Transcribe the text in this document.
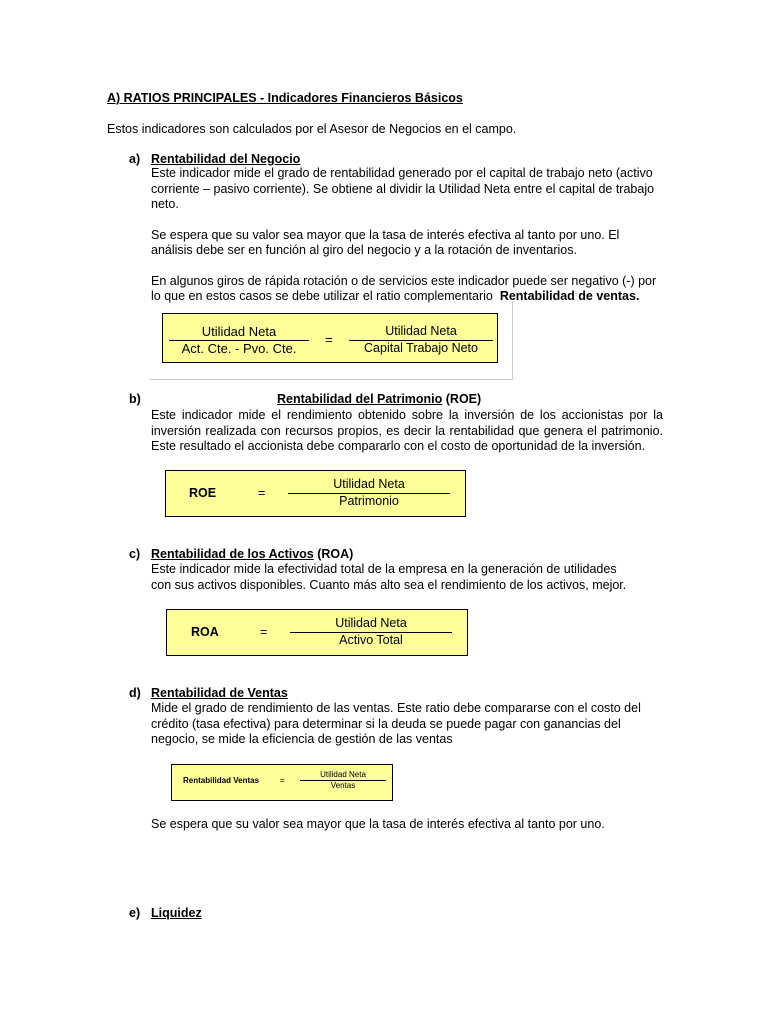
A) RATIOS PRINCIPALES - Indicadores Financieros Básicos
Estos indicadores son calculados por el Asesor de Negocios en el campo.
a) Rentabilidad del Negocio

Este indicador mide el grado de rentabilidad generado por el capital de trabajo neto (activo corriente – pasivo corriente). Se obtiene al dividir la Utilidad Neta entre el capital de trabajo neto.

Se espera que su valor sea mayor que la tasa de interés efectiva al tanto por uno. El análisis debe ser en función al giro del negocio y a la rotación de inventarios.

En algunos giros de rápida rotación o de servicios este indicador puede ser negativo (-) por lo que en estos casos se debe utilizar el ratio complementario Rentabilidad de ventas.

Utilidad Neta
Act. Cte. - Pvo. Cte.
=
Utilidad Neta
Capital Trabajo Neto
b)	Rentabilidad del Patrimonio (ROE)

Este indicador mide el rendimiento obtenido sobre la inversión de los accionistas por la inversión realizada con recursos propios, es decir la rentabilidad que genera el patrimonio. Este resultado el accionista debe compararlo con el costo de oportunidad de la inversión.

ROE	=
Utilidad Neta
Patrimonio
c) Rentabilidad de los Activos (ROA)

Este indicador mide la efectividad total de la empresa en la generación de utilidades con sus activos disponibles. Cuanto más alto sea el rendimiento de los activos, mejor.

ROA	=
Utilidad Neta
Activo Total
d) Rentabilidad de Ventas

Mide el grado de rendimiento de las ventas. Este ratio debe compararse con el costo del crédito (tasa efectiva) para determinar si la deuda se puede pagar con ganancias del negocio, se mide la eficiencia de gestión de las ventas

Rentabilidad Ventas	=
Utilidad Neta
Ventas
Se espera que su valor sea mayor que la tasa de interés efectiva al tanto por uno.
e) Liquidez
